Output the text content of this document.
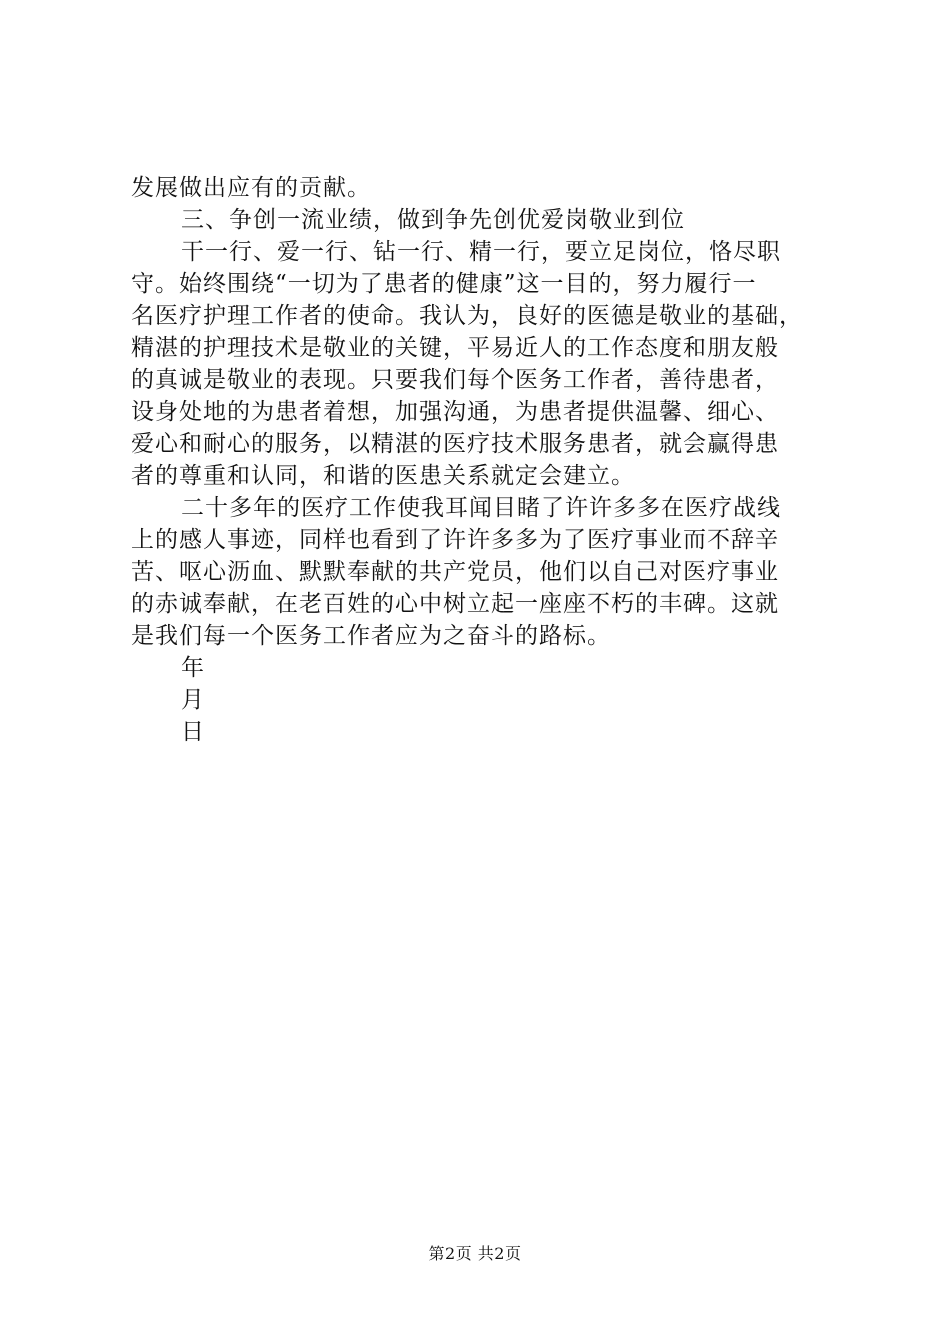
发展做出应有的贡献。
三、争创一流业绩，做到争先创优爱岗敬业到位
干一行、爱一行、钻一行、精一行，要立足岗位，恪尽职
守。始终围绕“一切为了患者的健康”这一目的，努力履行一
名医疗护理工作者的使命。我认为，良好的医德是敬业的基础，
精湛的护理技术是敬业的关键，平易近人的工作态度和朋友般
的真诚是敬业的表现。只要我们每个医务工作者，善待患者，
设身处地的为患者着想，加强沟通，为患者提供温馨、细心、
爱心和耐心的服务，以精湛的医疗技术服务患者，就会赢得患
者的尊重和认同，和谐的医患关系就定会建立。
二十多年的医疗工作使我耳闻目睹了许许多多在医疗战线
上的感人事迹，同样也看到了许许多多为了医疗事业而不辞辛
苦、呕心沥血、默默奉献的共产党员，他们以自己对医疗事业
的赤诚奉献，在老百姓的心中树立起一座座不朽的丰碑。这就
是我们每一个医务工作者应为之奋斗的路标。
年
月
日
第2页 共2页
